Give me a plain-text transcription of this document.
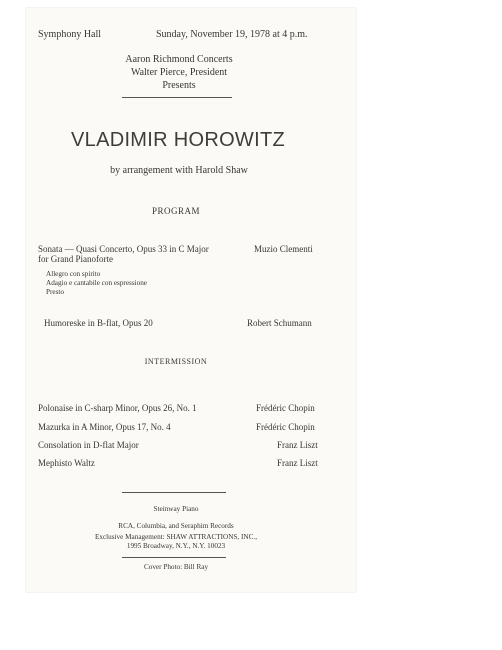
Symphony Hall	Sunday, November 19, 1978 at 4 p.m.
Aaron Richmond Concerts
Walter Pierce, President
Presents
VLADIMIR HOROWITZ
by arrangement with Harold Shaw
PROGRAM
Sonata — Quasi Concerto, Opus 33 in C Major
for Grand Pianoforte
Muzio Clementi
Allegro con spirito
Adagio e cantabile con espressione
Presto
Humoreske in B-flat, Opus 20	Robert Schumann
INTERMISSION
Polonaise in C-sharp Minor, Opus 26, No. 1	Frédéric Chopin
Mazurka in A Minor, Opus 17, No. 4	Frédéric Chopin
Consolation in D-flat Major	Franz Liszt
Mephisto Waltz	Franz Liszt
Steinway Piano
RCA, Columbia, and Seraphim Records
Exclusive Management: SHAW ATTRACTIONS, INC.,
1995 Broadway, N.Y., N.Y. 10023
Cover Photo: Bill Ray
